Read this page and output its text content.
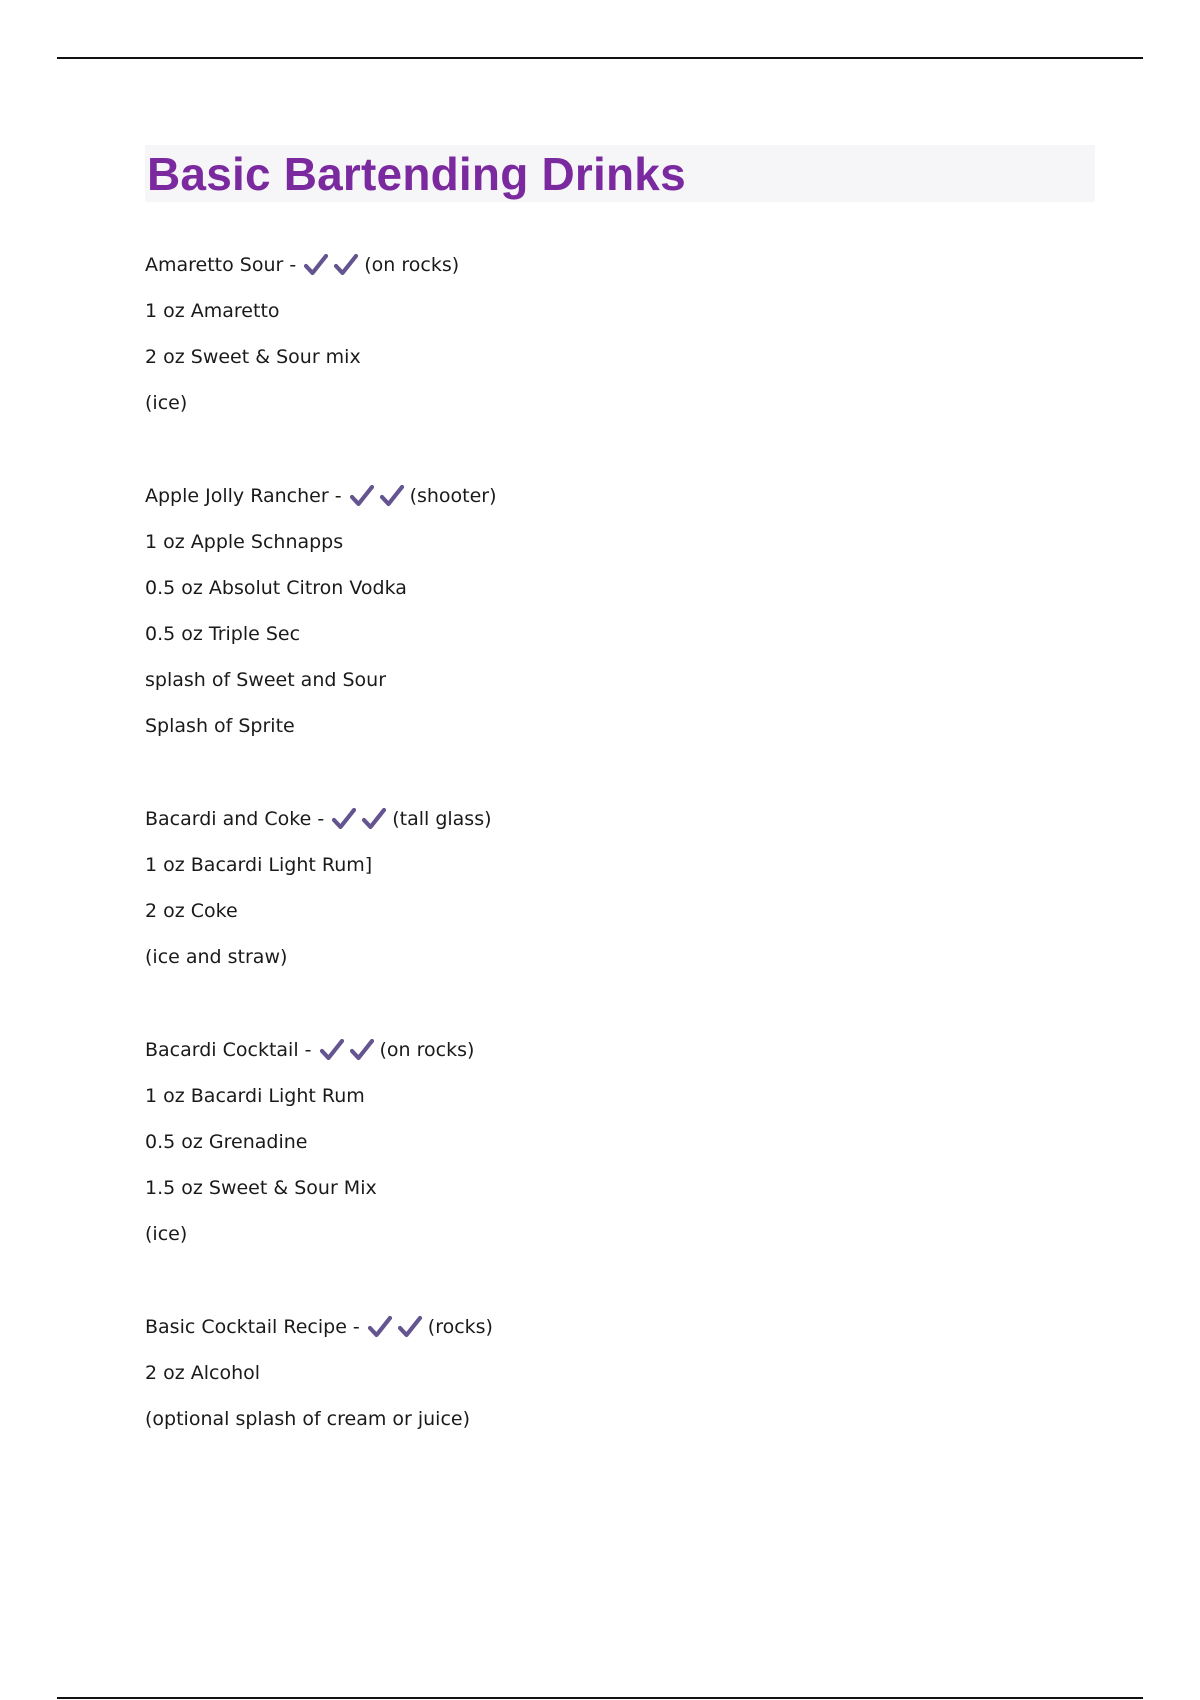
Basic Bartending Drinks
Amaretto Sour -	(on rocks)
1 oz Amaretto
2 oz Sweet & Sour mix
(ice)
Apple Jolly Rancher -	(shooter)
1 oz Apple Schnapps
0.5 oz Absolut Citron Vodka
0.5 oz Triple Sec
splash of Sweet and Sour
Splash of Sprite
Bacardi and Coke -	(tall glass)
1 oz Bacardi Light Rum]
2 oz Coke
(ice and straw)
Bacardi Cocktail -	(on rocks)
1 oz Bacardi Light Rum
0.5 oz Grenadine
1.5 oz Sweet & Sour Mix
(ice)
Basic Cocktail Recipe -	(rocks)
2 oz Alcohol
(optional splash of cream or juice)
